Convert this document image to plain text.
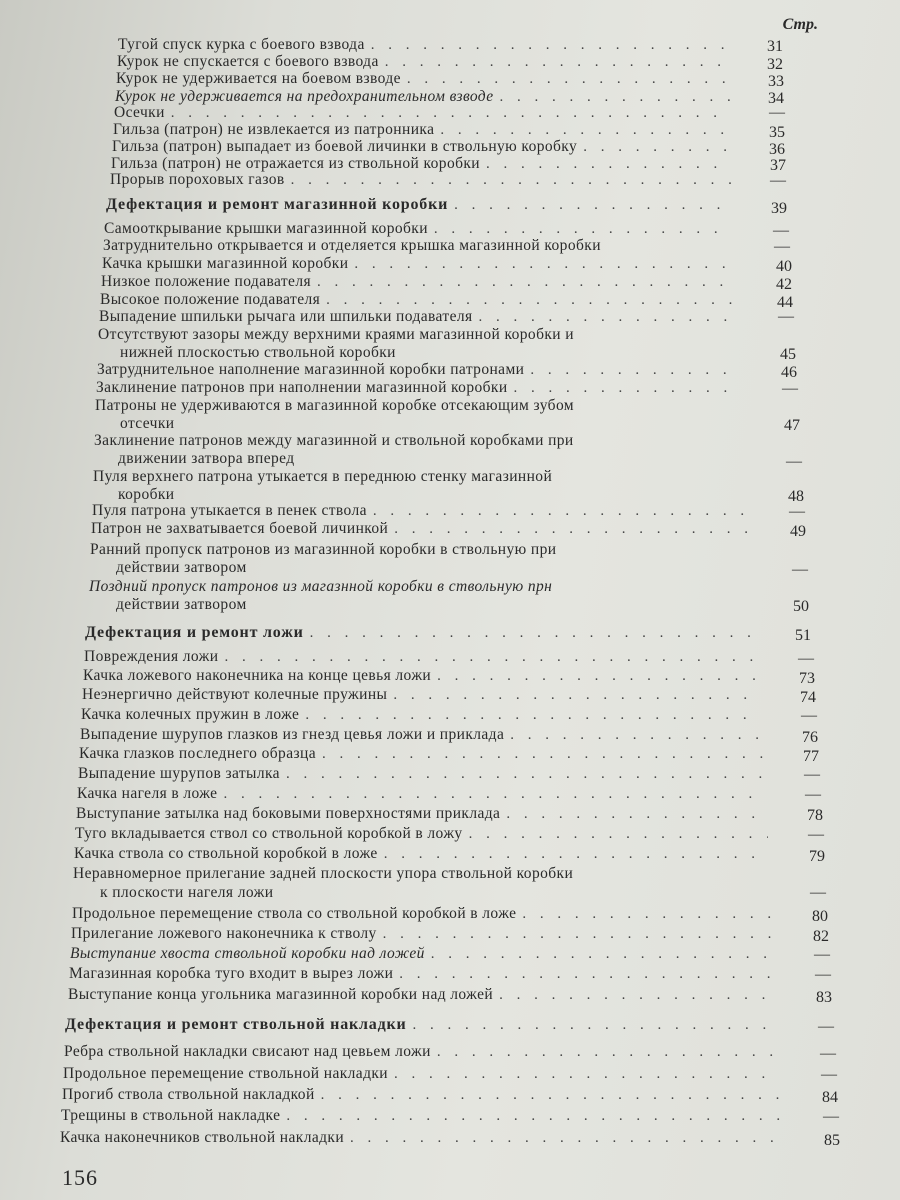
Стр.
Тугой спуск курка с боевого взвода . . .	31
Курок не спускается с боевого взвода . . .	32
Курок не удерживается на боевом взводе . . .	33
Курок не удерживается на предохранительном взводе . . .	34
Осечки . . .	—
Гильза (патрон) не извлекается из патронника . . .	35
Гильза (патрон) выпадает из боевой личинки в ствольную коробку . . .	36
Гильза (патрон) не отражается из ствольной коробки . . .	37
Прорыв пороховых газов . . .	—
Дефектация и ремонт магазинной коробки . . .	39
Самооткрывание крышки магазинной коробки . . .	—
Затруднительно открывается и отделяется крышка магазинной коробки	—
Качка крышки магазинной коробки . . .	40
Низкое положение подавателя . . .	42
Высокое положение подавателя . . .	44
Выпадение шпильки рычага или шпильки подавателя . . .	—
Отсутствуют зазоры между верхними краями магазинной коробки и
нижней плоскостью ствольной коробки	45
Затруднительное наполнение магазинной коробки патронами . . .	46
Заклинение патронов при наполнении магазинной коробки . . .	—
Патроны не удерживаются в магазинной коробке отсекающим зубом
отсечки	47
Заклинение патронов между магазинной и ствольной коробками при
движении затвора вперед	—
Пуля верхнего патрона утыкается в переднюю стенку магазинной
коробки	48
Пуля патрона утыкается в пенек ствола . . .	—
Патрон не захватывается боевой личинкой . . .	49
Ранний пропуск патронов из магазинной коробки в ствольную при
действии затвором	—
Поздний пропуск патронов из магазнной коробки в ствольную прн
действии затвором	50
Дефектация и ремонт ложи . . .	51
Повреждения ложи . . .	—
Качка ложевого наконечника на конце цевья ложи . . .	73
Неэнергично действуют колечные пружины . . .	74
Качка колечных пружин в ложе . . .	—
Выпадение шурупов глазков из гнезд цевья ложи и приклада . . .	76
Качка глазков последнего образца . . .	77
Выпадение шурупов затылка . . .	—
Качка нагеля в ложе . . .	—
Выступание затылка над боковыми поверхностями приклада . . .	78
Туго вкладывается ствол со ствольной коробкой в ложу . . .	—
Качка ствола со ствольной коробкой в ложе . . .	79
Неравномерное прилегание задней плоскости упора ствольной коробки
к плоскости нагеля ложи	—
Продольное перемещение ствола со ствольной коробкой в ложе . . .	80
Прилегание ложевого наконечника к стволу . . .	82
Выступание хвоста ствольной коробки над ложей . . .	—
Магазинная коробка туго входит в вырез ложи . . .	—
Выступание конца угольника магазинной коробки над ложей . . .	83
Дефектация и ремонт ствольной накладки . . .	—
Ребра ствольной накладки свисают над цевьем ложи . . .	—
Продольное перемещение ствольной накладки . . .	—
Прогиб ствола ствольной накладкой . . .	84
Трещины в ствольной накладке . . .	—
Качка наконечников ствольной накладки . . .	85
156
